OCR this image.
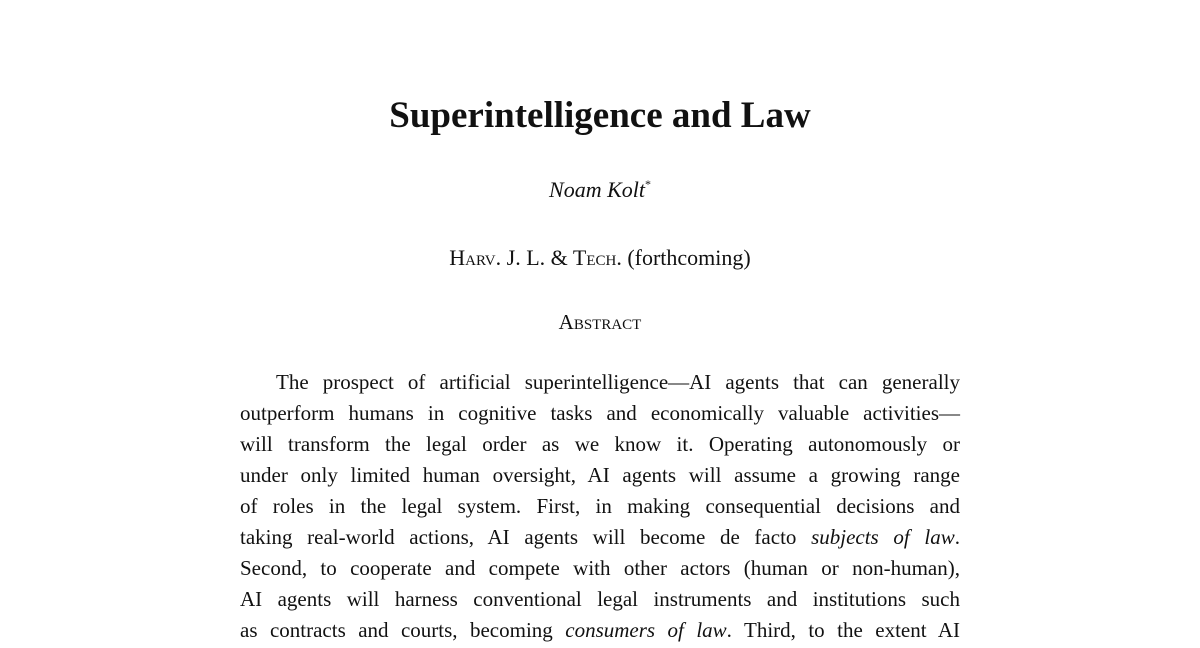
Superintelligence and Law
Noam Kolt*
Harv. J. L. & Tech. (forthcoming)
Abstract
The prospect of artificial superintelligence—AI agents that can generally
outperform humans in cognitive tasks and economically valuable activities—
will transform the legal order as we know it. Operating autonomously or
under only limited human oversight, AI agents will assume a growing range
of roles in the legal system. First, in making consequential decisions and
taking real-world actions, AI agents will become de facto subjects of law.
Second, to cooperate and compete with other actors (human or non-human),
AI agents will harness conventional legal instruments and institutions such
as contracts and courts, becoming consumers of law. Third, to the extent AI
